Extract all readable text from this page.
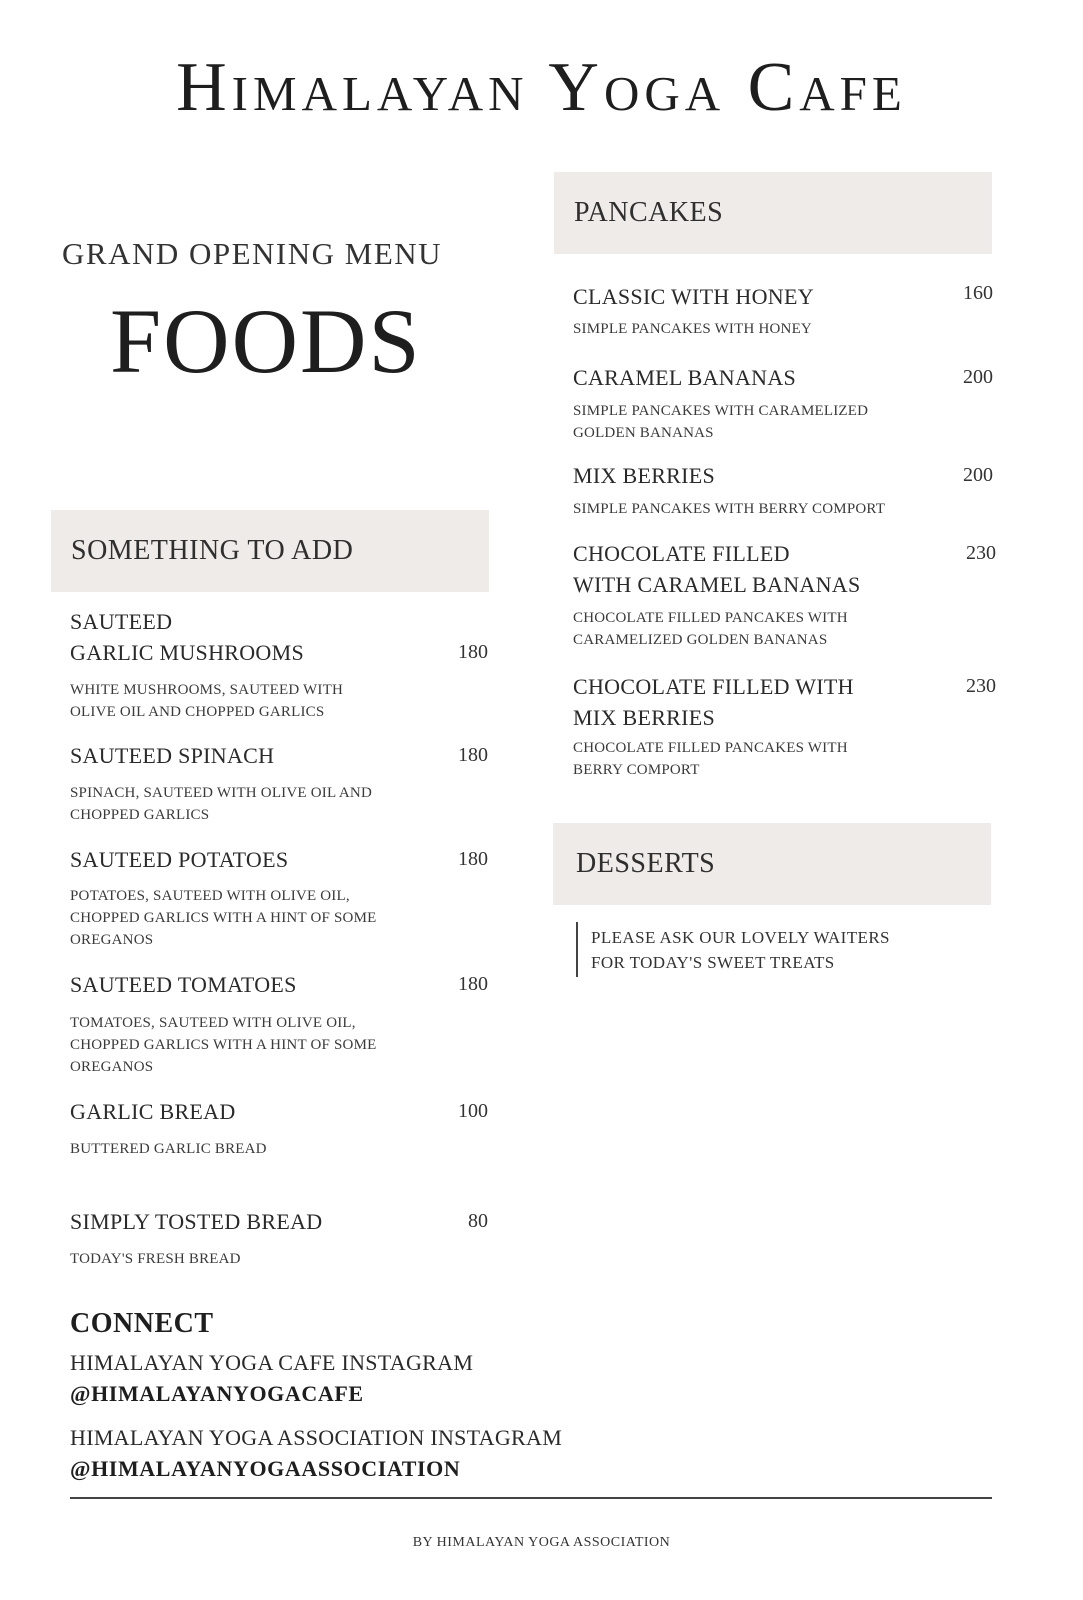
Himalayan Yoga Cafe
GRAND OPENING MENU
FOODS
SOMETHING TO ADD
SAUTEED
GARLIC MUSHROOMS	180
WHITE MUSHROOMS, SAUTEED WITH
OLIVE OIL AND CHOPPED GARLICS
SAUTEED SPINACH	180
SPINACH, SAUTEED WITH OLIVE OIL AND
CHOPPED GARLICS
SAUTEED POTATOES	180
POTATOES, SAUTEED WITH OLIVE OIL,
CHOPPED GARLICS WITH A HINT OF SOME
OREGANOS
SAUTEED TOMATOES	180
TOMATOES, SAUTEED WITH OLIVE OIL,
CHOPPED GARLICS WITH A HINT OF SOME
OREGANOS
GARLIC BREAD	100
BUTTERED GARLIC BREAD
SIMPLY TOSTED BREAD	80
TODAY'S FRESH BREAD
PANCAKES
CLASSIC WITH HONEY	160
SIMPLE PANCAKES WITH HONEY
CARAMEL BANANAS	200
SIMPLE PANCAKES WITH CARAMELIZED
GOLDEN BANANAS
MIX BERRIES	200
SIMPLE PANCAKES WITH BERRY COMPORT
CHOCOLATE FILLED
WITH CARAMEL BANANAS
230
CHOCOLATE FILLED PANCAKES WITH
CARAMELIZED GOLDEN BANANAS
CHOCOLATE FILLED WITH
MIX BERRIES
230
CHOCOLATE FILLED PANCAKES WITH
BERRY COMPORT
DESSERTS
PLEASE ASK OUR LOVELY WAITERS
FOR TODAY'S SWEET TREATS
CONNECT
HIMALAYAN YOGA CAFE INSTAGRAM
@HIMALAYANYOGACAFE
HIMALAYAN YOGA ASSOCIATION INSTAGRAM
@HIMALAYANYOGAASSOCIATION
BY HIMALAYAN YOGA ASSOCIATION
